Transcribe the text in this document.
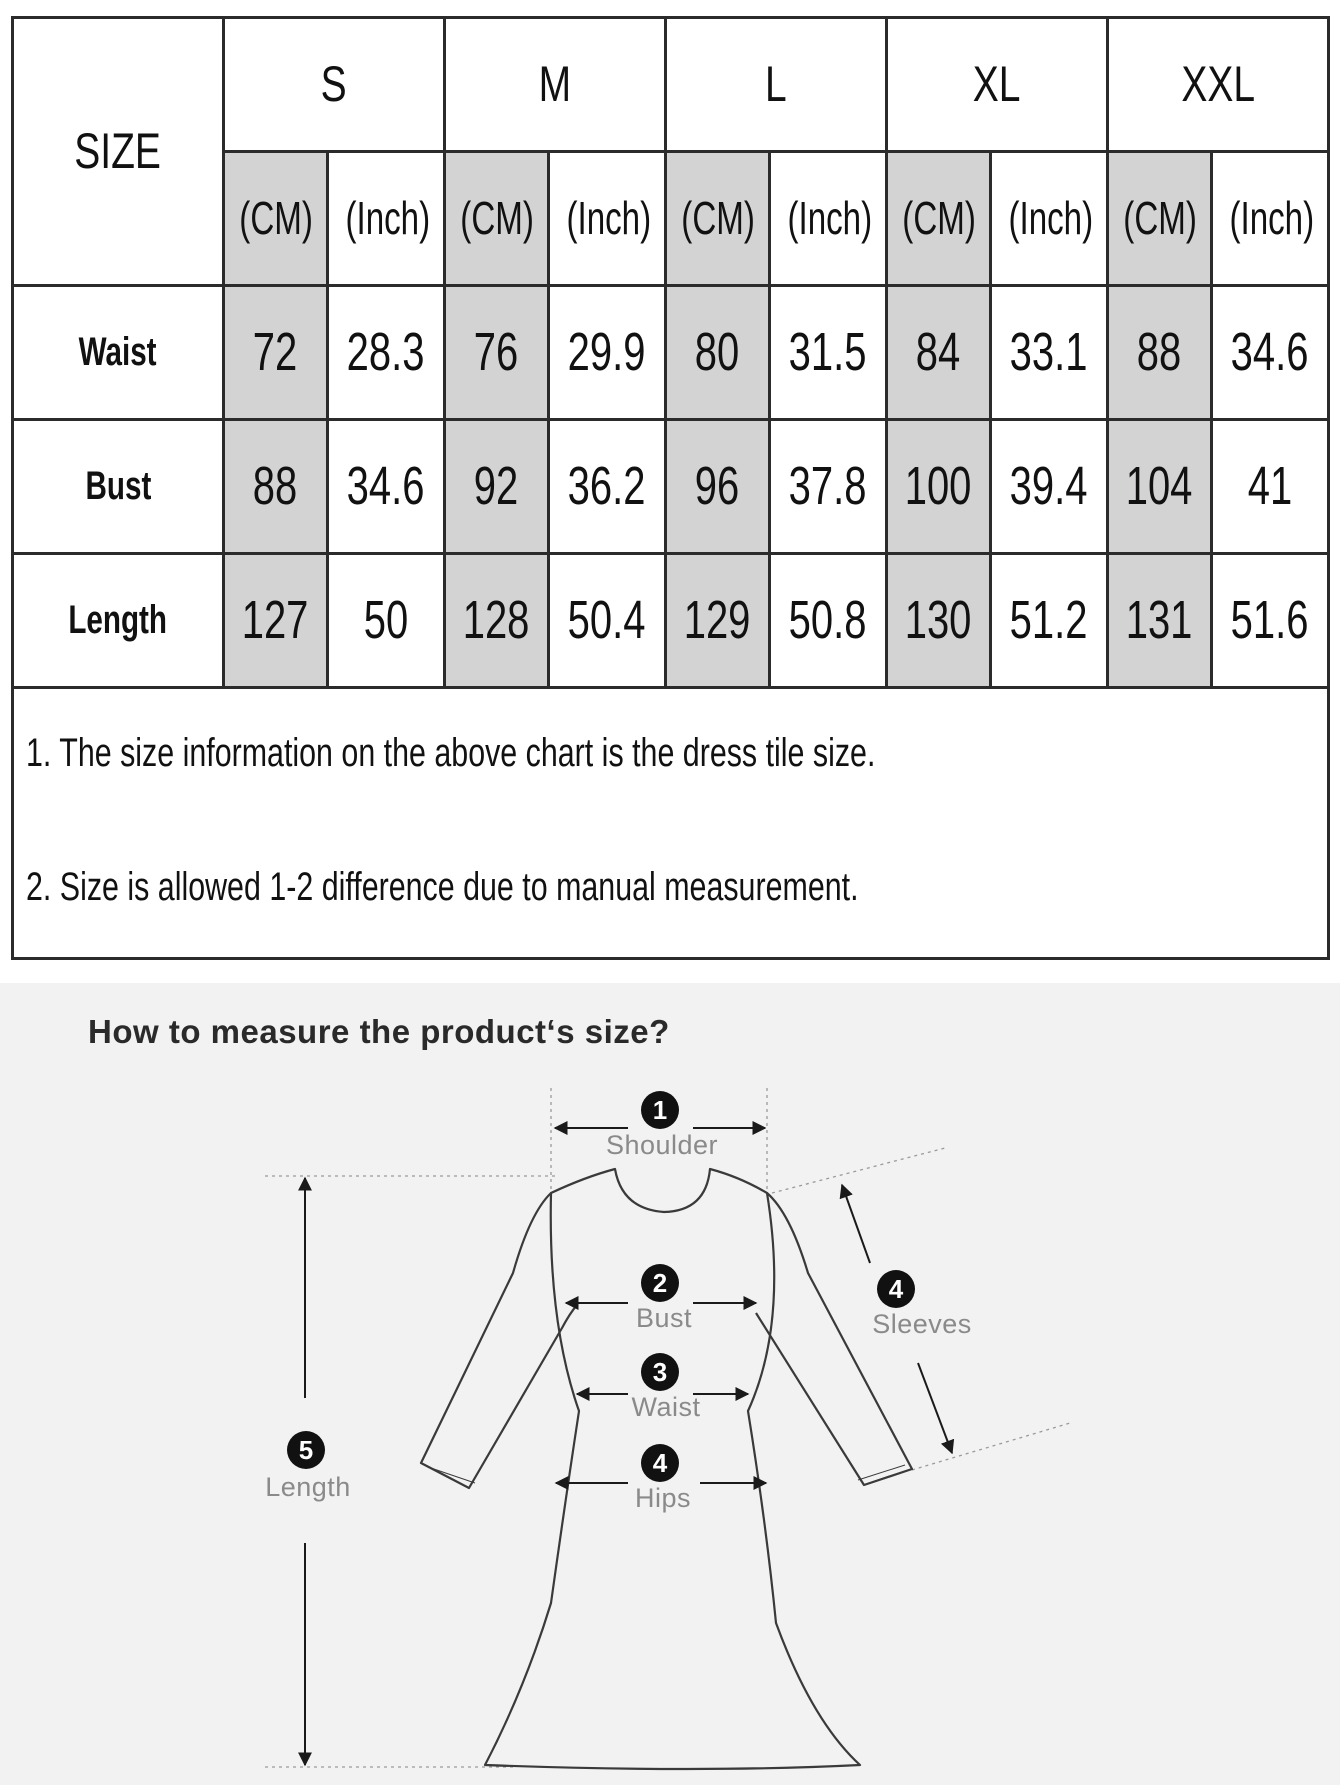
SIZE	S		M		L		XL		XXL	
	(CM)	(Inch)	(CM)	(Inch)	(CM)	(Inch)	(CM)	(Inch)	(CM)	(Inch)
Waist	72	28.3	76	29.9	80	31.5	84	33.1	88	34.6
Bust	88	34.6	92	36.2	96	37.8	100	39.4	104	41
Length	127	50	128	50.4	129	50.8	130	51.2	131	51.6

1. The size information on the above chart is the dress tile size.
2. Size is allowed 1-2 difference due to manual measurement.										
1
2
3
4
4
5
Shoulder
Bust
Waist
Hips
Sleeves
Length
How to measure the product‘s size?
